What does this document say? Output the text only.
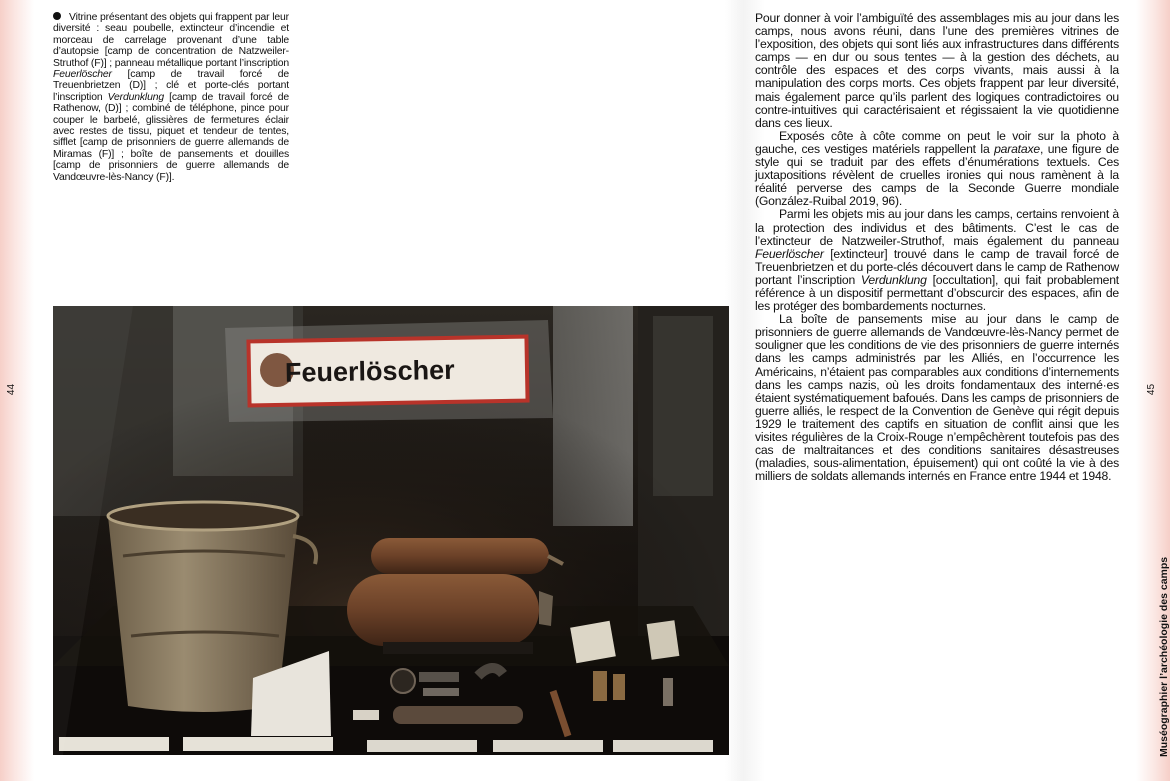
Vitrine présentant des objets qui frappent par leur diversité : seau poubelle, extincteur d’incendie et morceau de carrelage provenant d’une table d’autopsie [camp de concentration de Natzweiler-Struthof (F)] ; panneau métallique portant l’inscription Feuerlöscher [camp de travail forcé de Treuenbrietzen (D)] ; clé et porte-clés portant l’inscription Verdunklung [camp de travail forcé de Rathenow, (D)] ; combiné de téléphone, pince pour couper le barbelé, glissières de fermetures éclair avec restes de tissu, piquet et tendeur de tentes, sifflet [camp de prisonniers de guerre allemands de Miramas (F)] ; boîte de pansements et douilles [camp de prisonniers de guerre allemands de Vandœuvre-lès-Nancy (F)].
44
Feuerlöscher

Pour donner à voir l’ambiguïté des assemblages mis au jour dans les camps, nous avons réuni, dans l’une des premières vitrines de l’exposition, des objets qui sont liés aux infrastructures dans différents camps — en dur ou sous tentes — à la gestion des déchets, au contrôle des espaces et des corps vivants, mais aussi à la manipulation des corps morts. Ces objets frappent par leur diversité, mais également parce qu’ils parlent des logiques contradictoires ou contre-intuitives qui caractérisaient et régissaient la vie quotidienne dans ces lieux.

Exposés côte à côte comme on peut le voir sur la photo à gauche, ces vestiges matériels rappellent la parataxe, une figure de style qui se traduit par des effets d’énumérations textuels. Ces juxtapositions révèlent de cruelles ironies qui nous ramènent à la réalité perverse des camps de la Seconde Guerre mondiale (González-Ruibal 2019, 96).

Parmi les objets mis au jour dans les camps, certains renvoient à la protection des individus et des bâtiments. C’est le cas de l’extincteur de Natzweiler-Struthof, mais également du panneau Feuerlöscher [extincteur] trouvé dans le camp de travail forcé de Treuenbrietzen et du porte-clés découvert dans le camp de Rathenow portant l’inscription Verdunklung [occultation], qui fait probablement référence à un dispositif permettant d’obscurcir des espaces, afin de les protéger des bombardements nocturnes.

La boîte de pansements mise au jour dans le camp de prisonniers de guerre allemands de Vandœuvre-lès-Nancy permet de souligner que les conditions de vie des prisonniers de guerre internés dans les camps administrés par les Alliés, en l’occurrence les Américains, n’étaient pas comparables aux conditions d’internements dans les camps nazis, où les droits fondamentaux des interné·es étaient systématiquement bafoués. Dans les camps de prisonniers de guerre alliés, le respect de la Convention de Genève qui régit depuis 1929 le traitement des captifs en situation de conflit ainsi que les visites régulières de la Croix-Rouge n’empêchèrent toutefois pas des cas de maltraitances et des conditions sanitaires désastreuses (maladies, sous-alimentation, épuisement) qui ont coûté la vie à des milliers de soldats allemands internés en France entre 1944 et 1948.

45
Muséographier l’archéologie des camps
